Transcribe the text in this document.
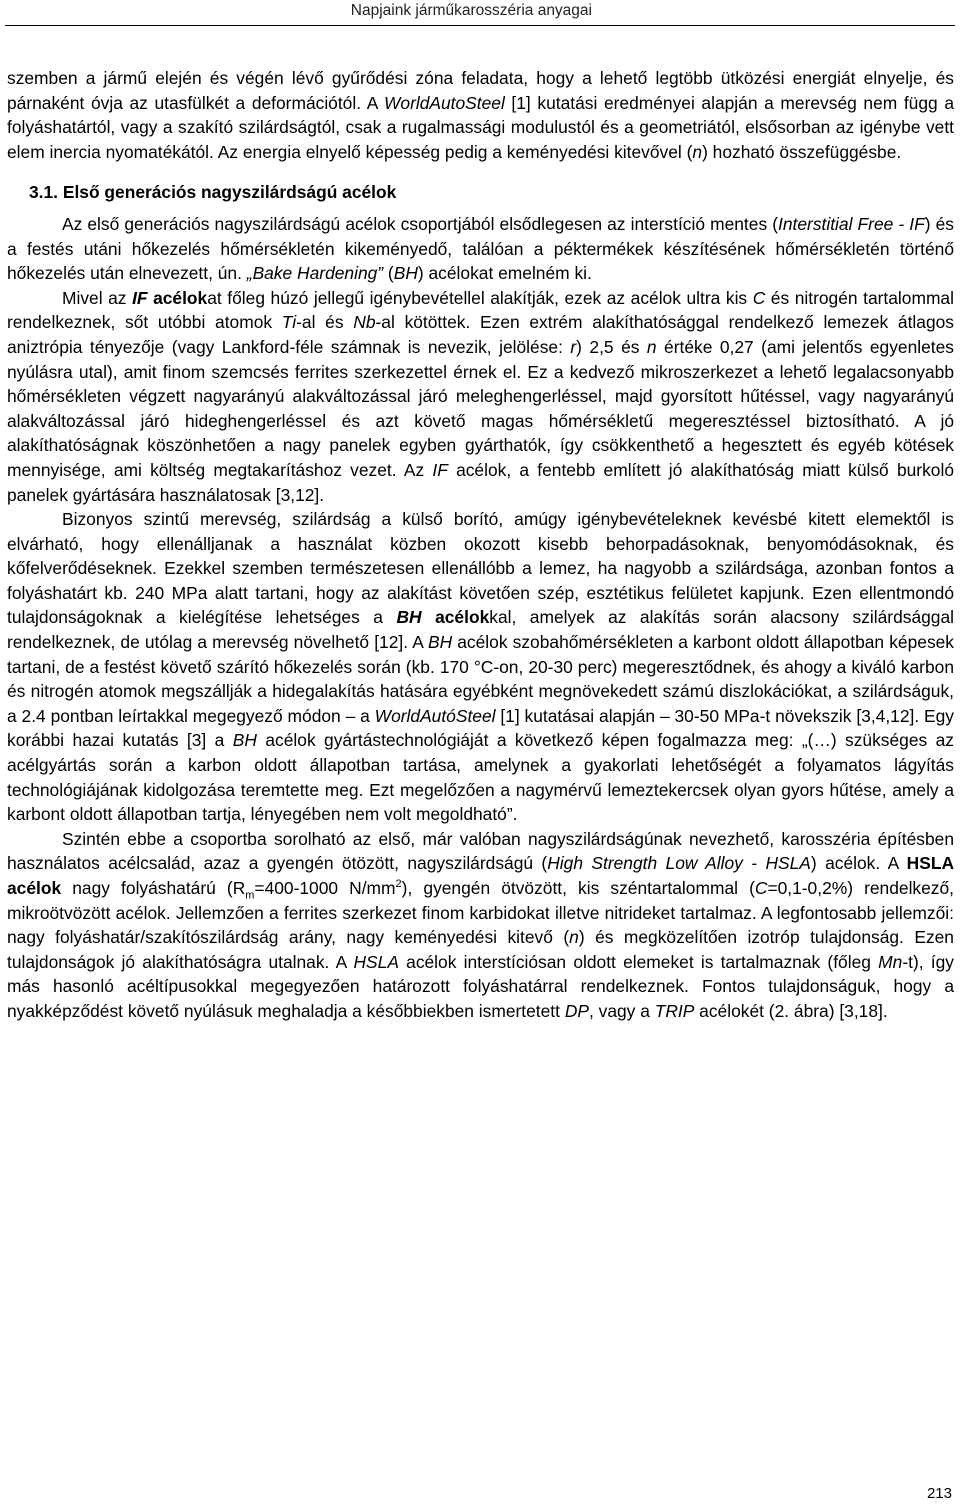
Napjaink járműkarosszéria anyagai

szemben a jármű elején és végén lévő gyűrődési zóna feladata, hogy a lehető legtöbb ütközési energiát elnyelje, és párnaként óvja az utasfülkét a deformációtól. A WorldAutoSteel [1] kutatási eredményei alapján a merevség nem függ a folyáshatártól, vagy a szakító szilárdságtól, csak a rugalmassági modulustól és a geometriától, elsősorban az igénybe vett elem inercia nyomatékától. Az energia elnyelő képesség pedig a keményedési kitevővel (n) hozható összefüggésbe.

3.1. Első generációs nagyszilárdságú acélok

Az első generációs nagyszilárdságú acélok csoportjából elsődlegesen az interstíció mentes (Interstitial Free - IF) és a festés utáni hőkezelés hőmérsékletén kikeményedő, találóan a péktermékek készítésének hőmérsékletén történő hőkezelés után elnevezett, ún. „Bake Hardening” (BH) acélokat emelném ki.

Mivel az IF acélokat főleg húzó jellegű igénybevétellel alakítják, ezek az acélok ultra kis C és nitrogén tartalommal rendelkeznek, sőt utóbbi atomok Ti-al és Nb-al kötöttek. Ezen extrém alakíthatósággal rendelkező lemezek átlagos aniztrópia tényezője (vagy Lankford-féle számnak is nevezik, jelölése: r) 2,5 és n értéke 0,27 (ami jelentős egyenletes nyúlásra utal), amit finom szemcsés ferrites szerkezettel érnek el. Ez a kedvező mikroszerkezet a lehető legalacsonyabb hőmérsékleten végzett nagyarányú alakváltozással járó meleghengerléssel, majd gyorsított hűtéssel, vagy nagyarányú alakváltozással járó hideghengerléssel és azt követő magas hőmérsékletű megeresztéssel biztosítható. A jó alakíthatóságnak köszönhetően a nagy panelek egyben gyárthatók, így csökkenthető a hegesztett és egyéb kötések mennyisége, ami költség megtakarításhoz vezet. Az IF acélok, a fentebb említett jó alakíthatóság miatt külső burkoló panelek gyártására használatosak [3,12].

Bizonyos szintű merevség, szilárdság a külső borító, amúgy igénybevételeknek kevésbé kitett elemektől is elvárható, hogy ellenálljanak a használat közben okozott kisebb behorpadásoknak, benyomódásoknak, és kőfelverődéseknek. Ezekkel szemben természetesen ellenállóbb a lemez, ha nagyobb a szilárdsága, azonban fontos a folyáshatárt kb. 240 MPa alatt tartani, hogy az alakítást követően szép, esztétikus felületet kapjunk. Ezen ellentmondó tulajdonságoknak a kielégítése lehetséges a BH acélokkal, amelyek az alakítás során alacsony szilárdsággal rendelkeznek, de utólag a merevség növelhető [12]. A BH acélok szobahőmérsékleten a karbont oldott állapotban képesek tartani, de a festést követő szárító hőkezelés során (kb. 170 °C-on, 20-30 perc) megeresztődnek, és ahogy a kiváló karbon és nitrogén atomok megszállják a hidegalakítás hatására egyébként megnövekedett számú diszlokációkat, a szilárdságuk, a 2.4 pontban leírtakkal megegyező módon – a WorldAutóSteel [1] kutatásai alapján – 30-50 MPa-t növekszik [3,4,12]. Egy korábbi hazai kutatás [3] a BH acélok gyártástechnológiáját a következő képen fogalmazza meg: „(…) szükséges az acélgyártás során a karbon oldott állapotban tartása, amelynek a gyakorlati lehetőségét a folyamatos lágyítás technológiájának kidolgozása teremtette meg. Ezt megelőzően a nagymérvű lemeztekercsek olyan gyors hűtése, amely a karbont oldott állapotban tartja, lényegében nem volt megoldható”.

Szintén ebbe a csoportba sorolható az első, már valóban nagyszilárdságúnak nevezhető, karosszéria építésben használatos acélcsalád, azaz a gyengén ötözött, nagyszilárdságú (High Strength Low Alloy - HSLA) acélok. A HSLA acélok nagy folyáshatárú ($R_m=400-1000$ $N/mm^2$), gyengén ötvözött, kis széntartalommal (C=0,1-0,2%) rendelkező, mikroötvözött acélok. Jellemzően a ferrites szerkezet finom karbidokat illetve nitrideket tartalmaz. A legfontosabb jellemzői: nagy folyáshatár/szakítószilárdság arány, nagy keményedési kitevő (n) és megközelítően izotróp tulajdonság. Ezen tulajdonságok jó alakíthatóságra utalnak. A HSLA acélok interstíciósan oldott elemeket is tartalmaznak (főleg Mn-t), így más hasonló acéltípusokkal megegyezően határozott folyáshatárral rendelkeznek. Fontos tulajdonságuk, hogy a nyakképződést követő nyúlásuk meghaladja a későbbiekben ismertetett DP, vagy a TRIP acélokét (2. ábra) [3,18].

213
